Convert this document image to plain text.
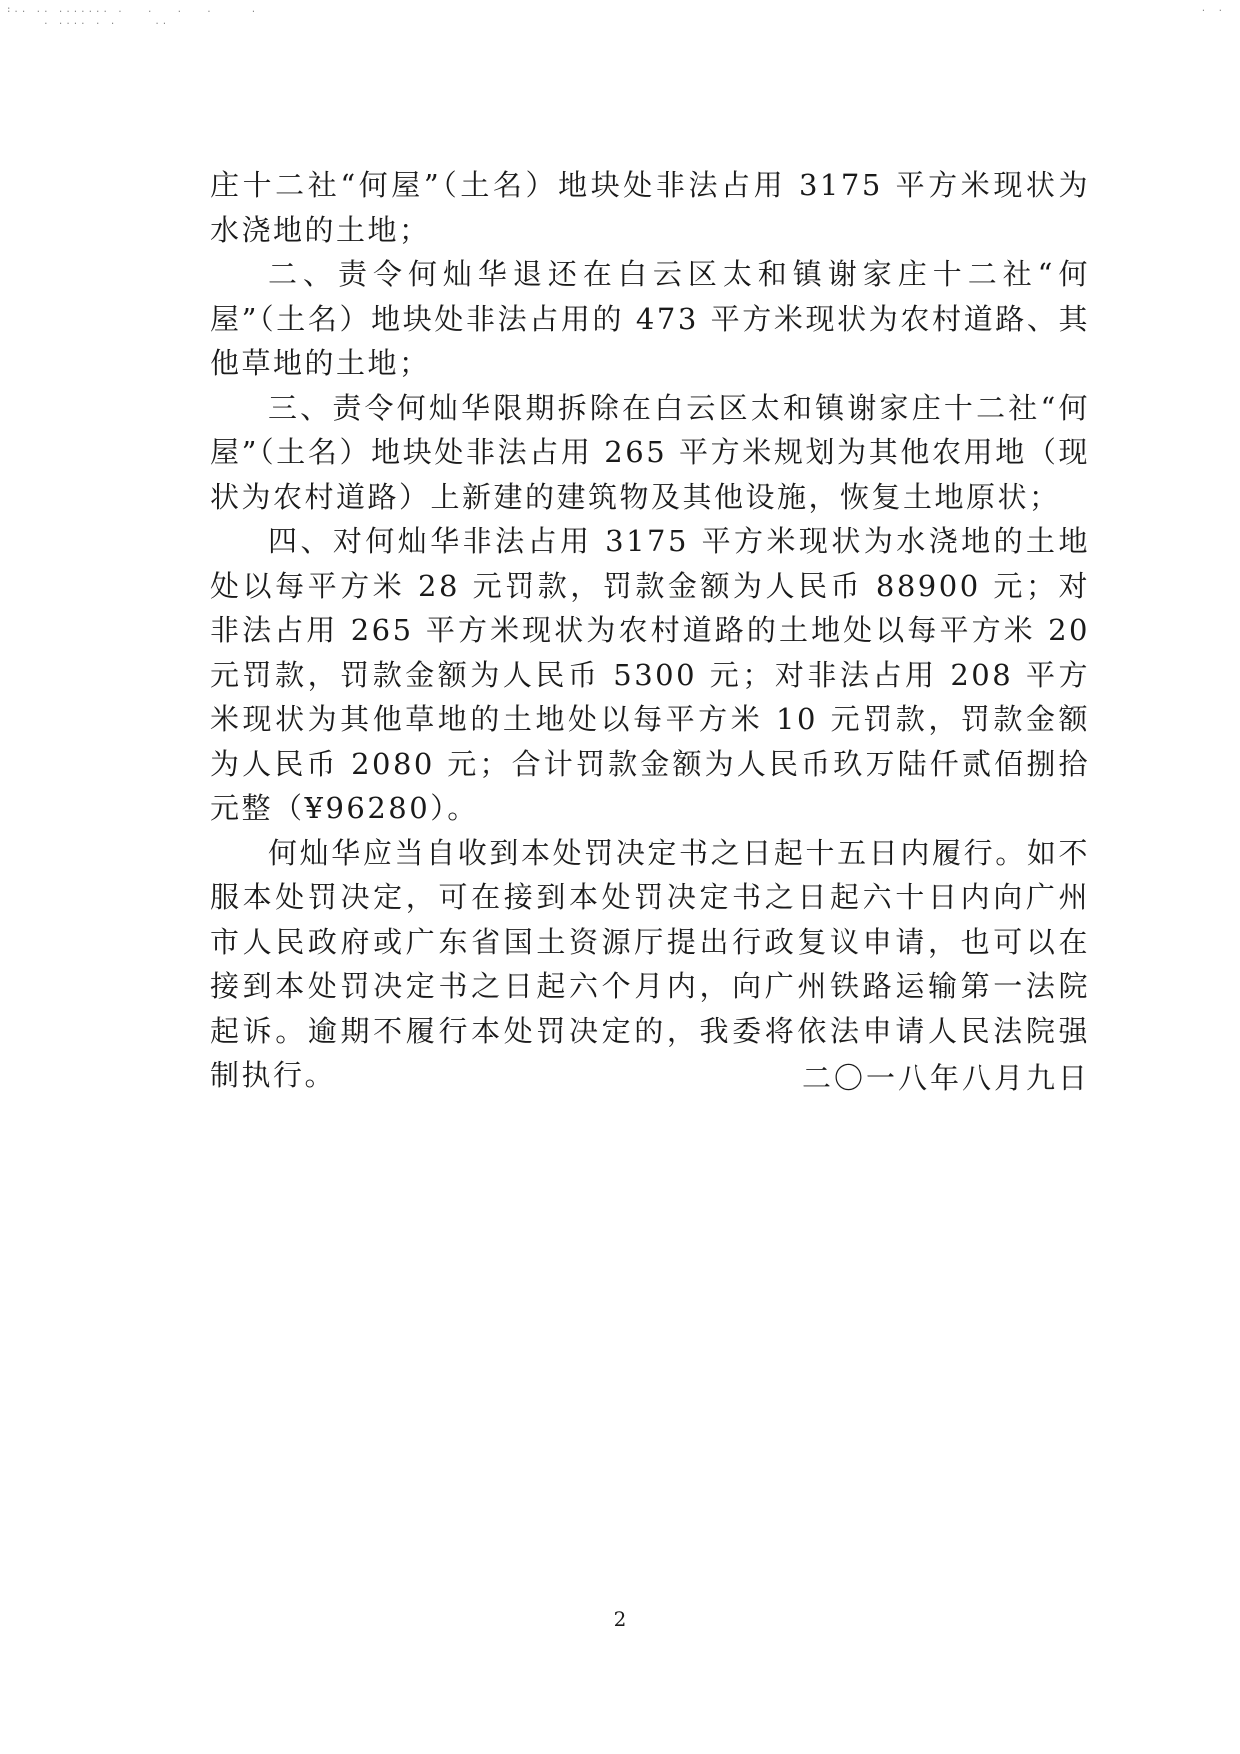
:.. .. ....... .   .   .   .     .
. .... . .     ..
. .

庄十二社“何屋”（土名）地块处非法占用 3175 平方米现状为水浇地的土地；

二、责令何灿华退还在白云区太和镇谢家庄十二社“何屋”（土名）地块处非法占用的 473 平方米现状为农村道路、其他草地的土地；

三、责令何灿华限期拆除在白云区太和镇谢家庄十二社“何屋”（土名）地块处非法占用 265 平方米规划为其他农用地（现状为农村道路）上新建的建筑物及其他设施，恢复土地原状；

四、对何灿华非法占用 3175 平方米现状为水浇地的土地处以每平方米 28 元罚款，罚款金额为人民币 88900 元；对非法占用 265 平方米现状为农村道路的土地处以每平方米 20 元罚款，罚款金额为人民币 5300 元；对非法占用 208 平方米现状为其他草地的土地处以每平方米 10 元罚款，罚款金额为人民币 2080 元；合计罚款金额为人民币玖万陆仟贰佰捌拾元整（¥96280）。

何灿华应当自收到本处罚决定书之日起十五日内履行。如不服本处罚决定，可在接到本处罚决定书之日起六十日内向广州市人民政府或广东省国土资源厅提出行政复议申请，也可以在接到本处罚决定书之日起六个月内，向广州铁路运输第一法院起诉。逾期不履行本处罚决定的，我委将依法申请人民法院强制执行。	二〇一八年八月九日
2
